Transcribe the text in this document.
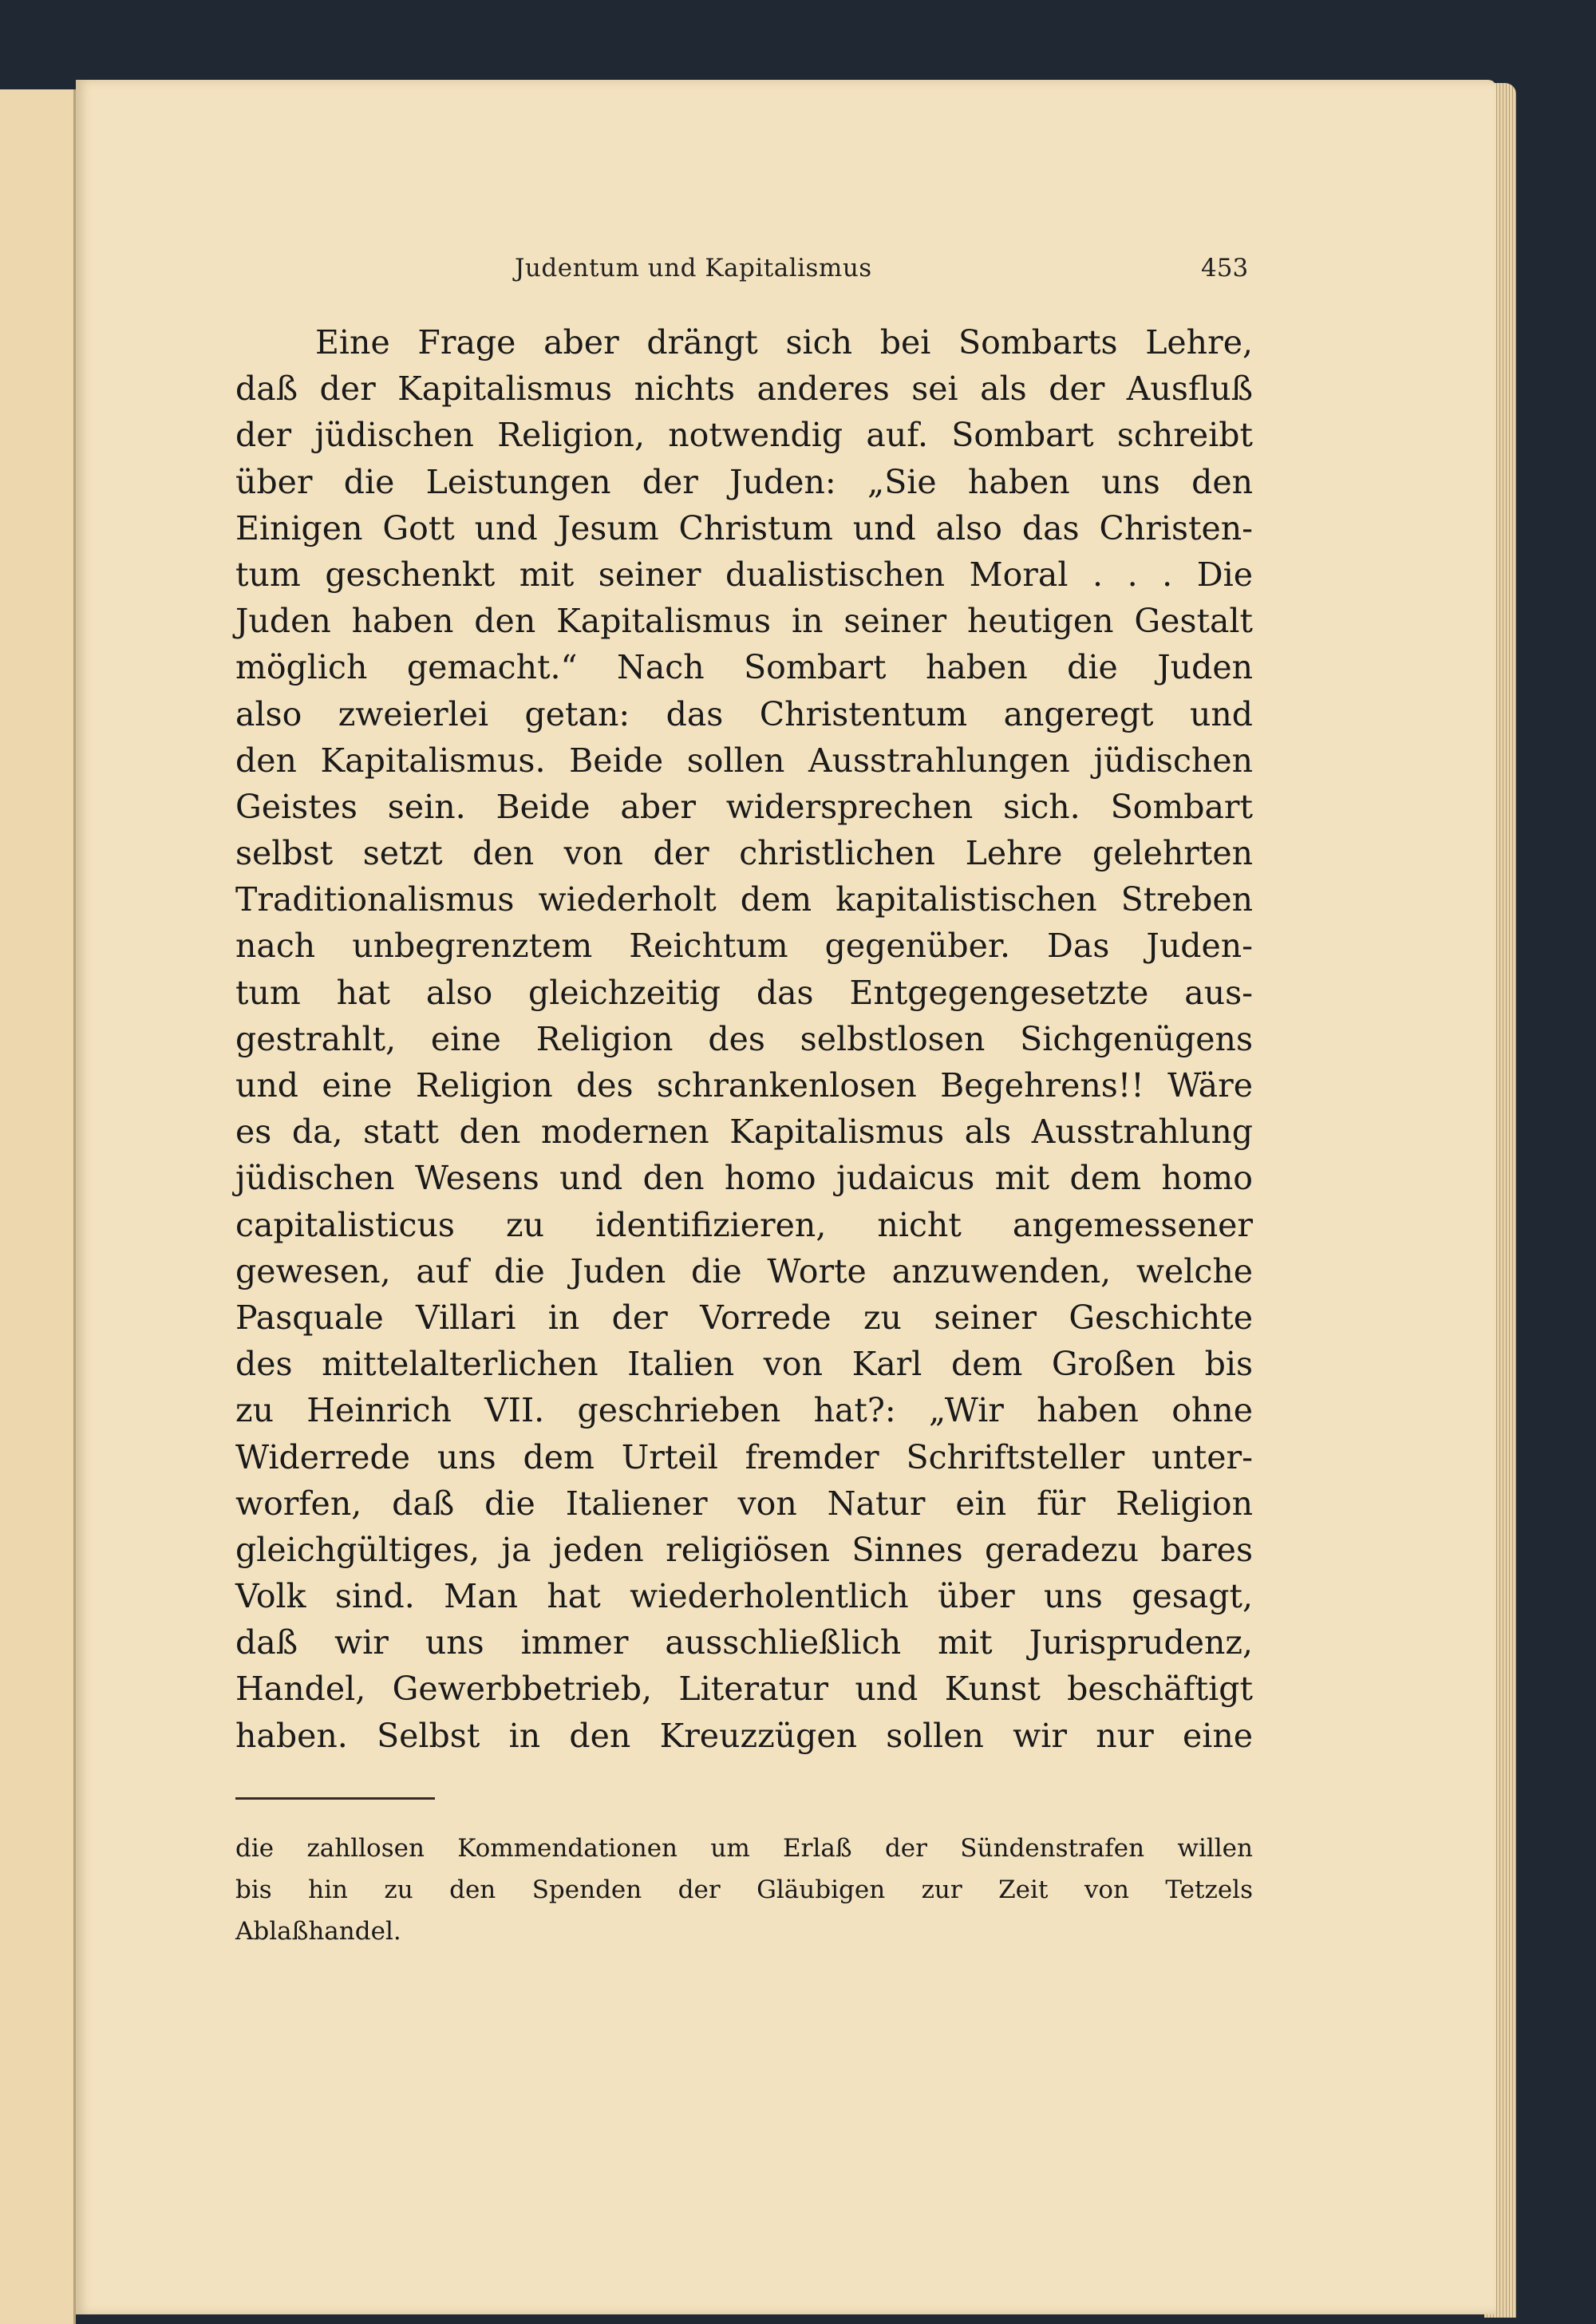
Judentum und Kapitalismus	453
Eine Frage aber drängt sich bei Sombarts Lehre,
daß der Kapitalismus nichts anderes sei als der Ausfluß
der jüdischen Religion, notwendig auf. Sombart schreibt
über die Leistungen der Juden: „Sie haben uns den
Einigen Gott und Jesum Christum und also das Christen-
tum geschenkt mit seiner dualistischen Moral . . . Die
Juden haben den Kapitalismus in seiner heutigen Gestalt
möglich gemacht.“ Nach Sombart haben die Juden
also zweierlei getan: das Christentum angeregt und
den Kapitalismus. Beide sollen Ausstrahlungen jüdischen
Geistes sein. Beide aber widersprechen sich. Sombart
selbst setzt den von der christlichen Lehre gelehrten
Traditionalismus wiederholt dem kapitalistischen Streben
nach unbegrenztem Reichtum gegenüber. Das Juden-
tum hat also gleichzeitig das Entgegengesetzte aus-
gestrahlt, eine Religion des selbstlosen Sichgenügens
und eine Religion des schrankenlosen Begehrens!! Wäre
es da, statt den modernen Kapitalismus als Ausstrahlung
jüdischen Wesens und den homo judaicus mit dem homo
capitalisticus zu identifizieren, nicht angemessener
gewesen, auf die Juden die Worte anzuwenden, welche
Pasquale Villari in der Vorrede zu seiner Geschichte
des mittelalterlichen Italien von Karl dem Großen bis
zu Heinrich VII. geschrieben hat?: „Wir haben ohne
Widerrede uns dem Urteil fremder Schriftsteller unter-
worfen, daß die Italiener von Natur ein für Religion
gleichgültiges, ja jeden religiösen Sinnes geradezu bares
Volk sind. Man hat wiederholentlich über uns gesagt,
daß wir uns immer ausschließlich mit Jurisprudenz,
Handel, Gewerbbetrieb, Literatur und Kunst beschäftigt
haben. Selbst in den Kreuzzügen sollen wir nur eine
die zahllosen Kommendationen um Erlaß der Sündenstrafen willen
bis hin zu den Spenden der Gläubigen zur Zeit von Tetzels
Ablaßhandel.
